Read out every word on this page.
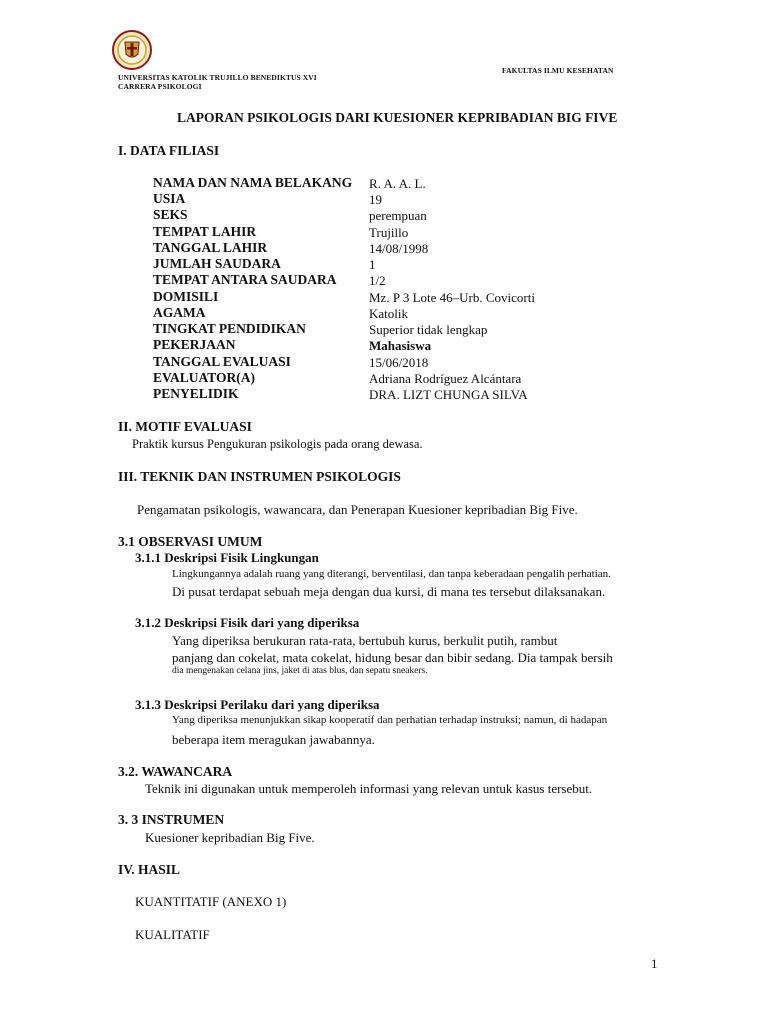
UNIVERSITAS KATOLIK TRUJILLO BENEDIKTUS XVI
CARRERA PSIKOLOGI
FAKULTAS ILMU KESEHATAN
LAPORAN PSIKOLOGIS DARI KUESIONER KEPRIBADIAN BIG FIVE
I. DATA FILIASI
NAMA DAN NAMA BELAKANG R. A. A. L.
USIA	19
SEKS	perempuan
TEMPAT LAHIR	Trujillo
TANGGAL LAHIR	14/08/1998
JUMLAH SAUDARA	1
TEMPAT ANTARA SAUDARA 1/2
DOMISILI	Mz. P 3 Lote 46–Urb. Covicorti
AGAMA	Katolik
TINGKAT PENDIDIKAN	Superior tidak lengkap
PEKERJAAN	Mahasiswa
TANGGAL EVALUASI	15/06/2018
EVALUATOR(A)	Adriana Rodríguez Alcántara
PENYELIDIK	DRA. LIZT CHUNGA SILVA
II. MOTIF EVALUASI
Praktik kursus Pengukuran psikologis pada orang dewasa.
III. TEKNIK DAN INSTRUMEN PSIKOLOGIS
Pengamatan psikologis, wawancara, dan Penerapan Kuesioner kepribadian Big Five.
3.1 OBSERVASI UMUM
3.1.1 Deskripsi Fisik Lingkungan
Lingkungannya adalah ruang yang diterangi, berventilasi, dan tanpa keberadaan pengalih perhatian.
Di pusat terdapat sebuah meja dengan dua kursi, di mana tes tersebut dilaksanakan.
3.1.2 Deskripsi Fisik dari yang diperiksa
Yang diperiksa berukuran rata-rata, bertubuh kurus, berkulit putih, rambut
panjang dan cokelat, mata cokelat, hidung besar dan bibir sedang. Dia tampak bersih
dia mengenakan celana jins, jaket di atas blus, dan sepatu sneakers.
3.1.3 Deskripsi Perilaku dari yang diperiksa
Yang diperiksa menunjukkan sikap kooperatif dan perhatian terhadap instruksi; namun, di hadapan
beberapa item meragukan jawabannya.
3.2. WAWANCARA
Teknik ini digunakan untuk memperoleh informasi yang relevan untuk kasus tersebut.
3. 3 INSTRUMEN
Kuesioner kepribadian Big Five.
IV. HASIL
KUANTITATIF (ANEXO 1)
KUALITATIF
1
